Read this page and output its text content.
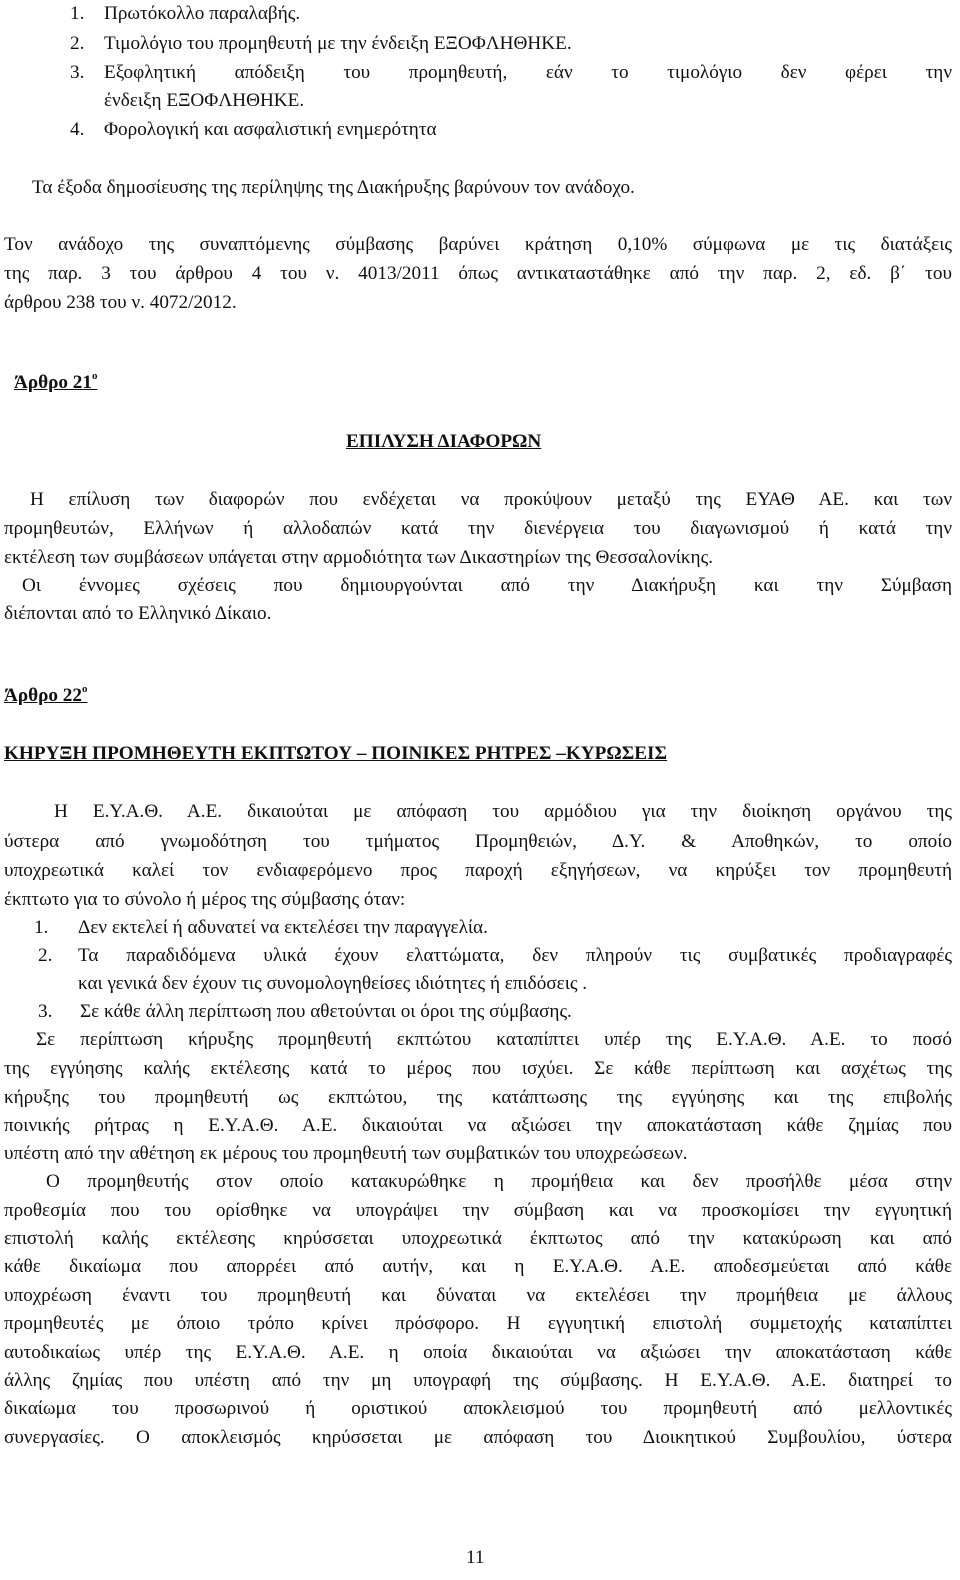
1. Πρωτόκολλο παραλαβής.
2. Τιμολόγιο του προμηθευτή με την ένδειξη ΕΞΟΦΛΗΘΗΚΕ.
3. Εξοφλητική απόδειξη του προμηθευτή, εάν το τιμολόγιο δεν φέρει την
ένδειξη ΕΞΟΦΛΗΘΗΚΕ.
4. Φορολογική και ασφαλιστική ενημερότητα
Τα έξοδα δημοσίευσης της περίληψης της Διακήρυξης βαρύνουν τον ανάδοχο.
Τον ανάδοχο της συναπτόμενης σύμβασης βαρύνει κράτηση 0,10% σύμφωνα με τις διατάξεις
της παρ. 3 του άρθρου 4 του ν. 4013/2011 όπως αντικαταστάθηκε από την παρ. 2, εδ. β΄ του
άρθρου 238 του ν. 4072/2012.
Άρθρο $21^o$
ΕΠΙΛΥΣΗ ΔΙΑΦΟΡΩΝ
Η επίλυση των διαφορών που ενδέχεται να προκύψουν μεταξύ της ΕΥΑΘ ΑΕ. και των
προμηθευτών, Ελλήνων ή αλλοδαπών κατά την διενέργεια του διαγωνισμού ή κατά την
εκτέλεση των συμβάσεων υπάγεται στην αρμοδιότητα των Δικαστηρίων της Θεσσαλονίκης.
Οι έννομες σχέσεις που δημιουργούνται από την Διακήρυξη και την Σύμβαση
διέπονται από το Ελληνικό Δίκαιο.
Άρθρο $22^o$
ΚΗΡΥΞΗ ΠΡΟΜΗΘΕΥΤΗ ΕΚΠΤΩΤΟΥ – ΠΟΙΝΙΚΕΣ ΡΗΤΡΕΣ –ΚΥΡΩΣΕΙΣ
Η Ε.Υ.Α.Θ. Α.Ε. δικαιούται με απόφαση του αρμόδιου για την διοίκηση οργάνου της
ύστερα από γνωμοδότηση του τμήματος Προμηθειών, Δ.Υ. & Αποθηκών, το οποίο
υποχρεωτικά καλεί τον ενδιαφερόμενο προς παροχή εξηγήσεων, να κηρύξει τον προμηθευτή
έκπτωτο για το σύνολο ή μέρος της σύμβασης όταν:
1. Δεν εκτελεί ή αδυνατεί να εκτελέσει την παραγγελία.
2. Τα παραδιδόμενα υλικά έχουν ελαττώματα, δεν πληρούν τις συμβατικές προδιαγραφές
και γενικά δεν έχουν τις συνομολογηθείσες ιδιότητες ή επιδόσεις .
3. Σε κάθε άλλη περίπτωση που αθετούνται οι όροι της σύμβασης.
Σε περίπτωση κήρυξης προμηθευτή εκπτώτου καταπίπτει υπέρ της Ε.Υ.Α.Θ. Α.Ε. το ποσό
της εγγύησης καλής εκτέλεσης κατά το μέρος που ισχύει. Σε κάθε περίπτωση και ασχέτως της
κήρυξης του προμηθευτή ως εκπτώτου, της κατάπτωσης της εγγύησης και της επιβολής
ποινικής ρήτρας η Ε.Υ.Α.Θ. Α.Ε. δικαιούται να αξιώσει την αποκατάσταση κάθε ζημίας που
υπέστη από την αθέτηση εκ μέρους του προμηθευτή των συμβατικών του υποχρεώσεων.
Ο προμηθευτής στον οποίο κατακυρώθηκε η προμήθεια και δεν προσήλθε μέσα στην
προθεσμία που του ορίσθηκε να υπογράψει την σύμβαση και να προσκομίσει την εγγυητική
επιστολή καλής εκτέλεσης κηρύσσεται υποχρεωτικά έκπτωτος από την κατακύρωση και από
κάθε δικαίωμα που απορρέει από αυτήν, και η Ε.Υ.Α.Θ. Α.Ε. αποδεσμεύεται από κάθε
υποχρέωση έναντι του προμηθευτή και δύναται να εκτελέσει την προμήθεια με άλλους
προμηθευτές με όποιο τρόπο κρίνει πρόσφορο. Η εγγυητική επιστολή συμμετοχής καταπίπτει
αυτοδικαίως υπέρ της Ε.Υ.Α.Θ. Α.Ε. η οποία δικαιούται να αξιώσει την αποκατάσταση κάθε
άλλης ζημίας που υπέστη από την μη υπογραφή της σύμβασης. Η Ε.Υ.Α.Θ. Α.Ε. διατηρεί το
δικαίωμα του προσωρινού ή οριστικού αποκλεισμού του προμηθευτή από μελλοντικές
συνεργασίες. Ο αποκλεισμός κηρύσσεται με απόφαση του Διοικητικού Συμβουλίου, ύστερα
11
